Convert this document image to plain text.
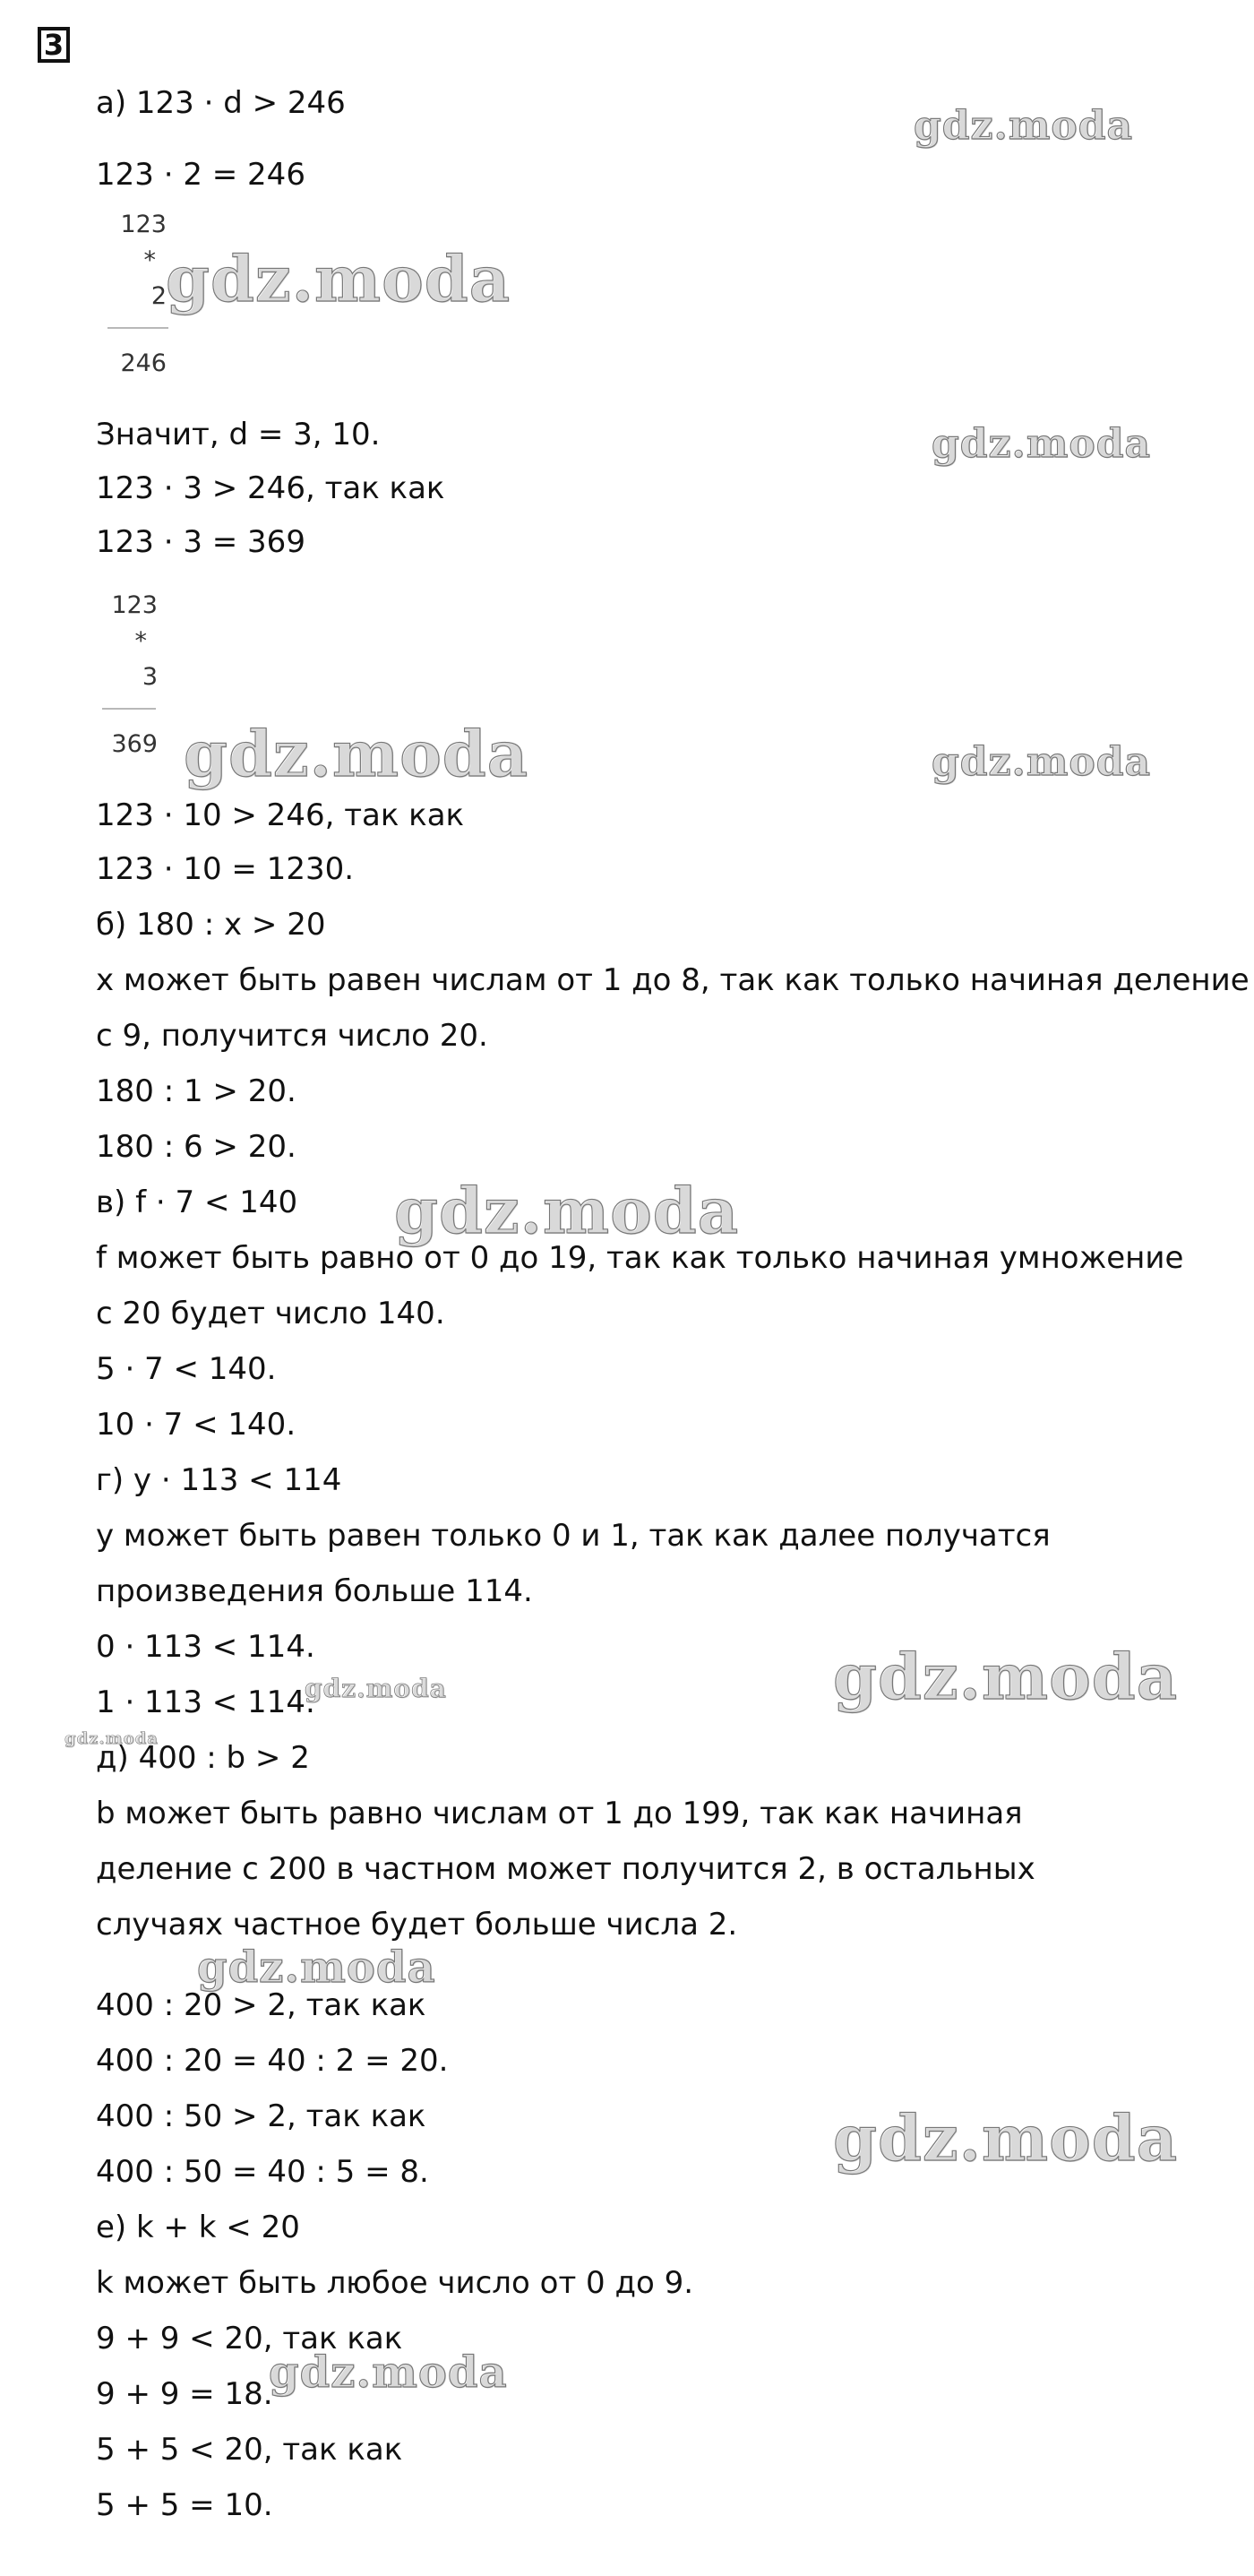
3
а) 123 · d > 246
123 · 2 = 246
123
*
2
246
Значит, d = 3, 10.
123 · 3 > 246, так как
123 · 3 = 369
123
*
3
369
123 · 10 > 246, так как
123 · 10 = 1230.
б) 180 : x > 20
x может быть равен числам от 1 до 8, так как только начиная деление
с 9, получится число 20.
180 : 1 > 20.
180 : 6 > 20.
в) f · 7 < 140
f может быть равно от 0 до 19, так как только начиная умножение
с 20 будет число 140.
5 · 7 < 140.
10 · 7 < 140.
г) y · 113 < 114
y может быть равен только 0 и 1, так как далее получатся
произведения больше 114.
0 · 113 < 114.
1 · 113 < 114.
д) 400 : b > 2
b может быть равно числам от 1 до 199, так как начиная
деление с 200 в частном может получится 2, в остальных
случаях частное будет больше числа 2.
400 : 20 > 2, так как
400 : 20 = 40 : 2 = 20.
400 : 50 > 2, так как
400 : 50 = 40 : 5 = 8.
е) k + k < 20
k может быть любое число от 0 до 9.
9 + 9 < 20, так как
9 + 9 = 18.
5 + 5 < 20, так как
5 + 5 = 10.
gdz.moda
gdz.moda
gdz.moda
gdz.moda	gdz.moda
gdz.moda
gdz.moda	gdz.moda
gdz.moda
gdz.moda
gdz.moda
gdz.moda
